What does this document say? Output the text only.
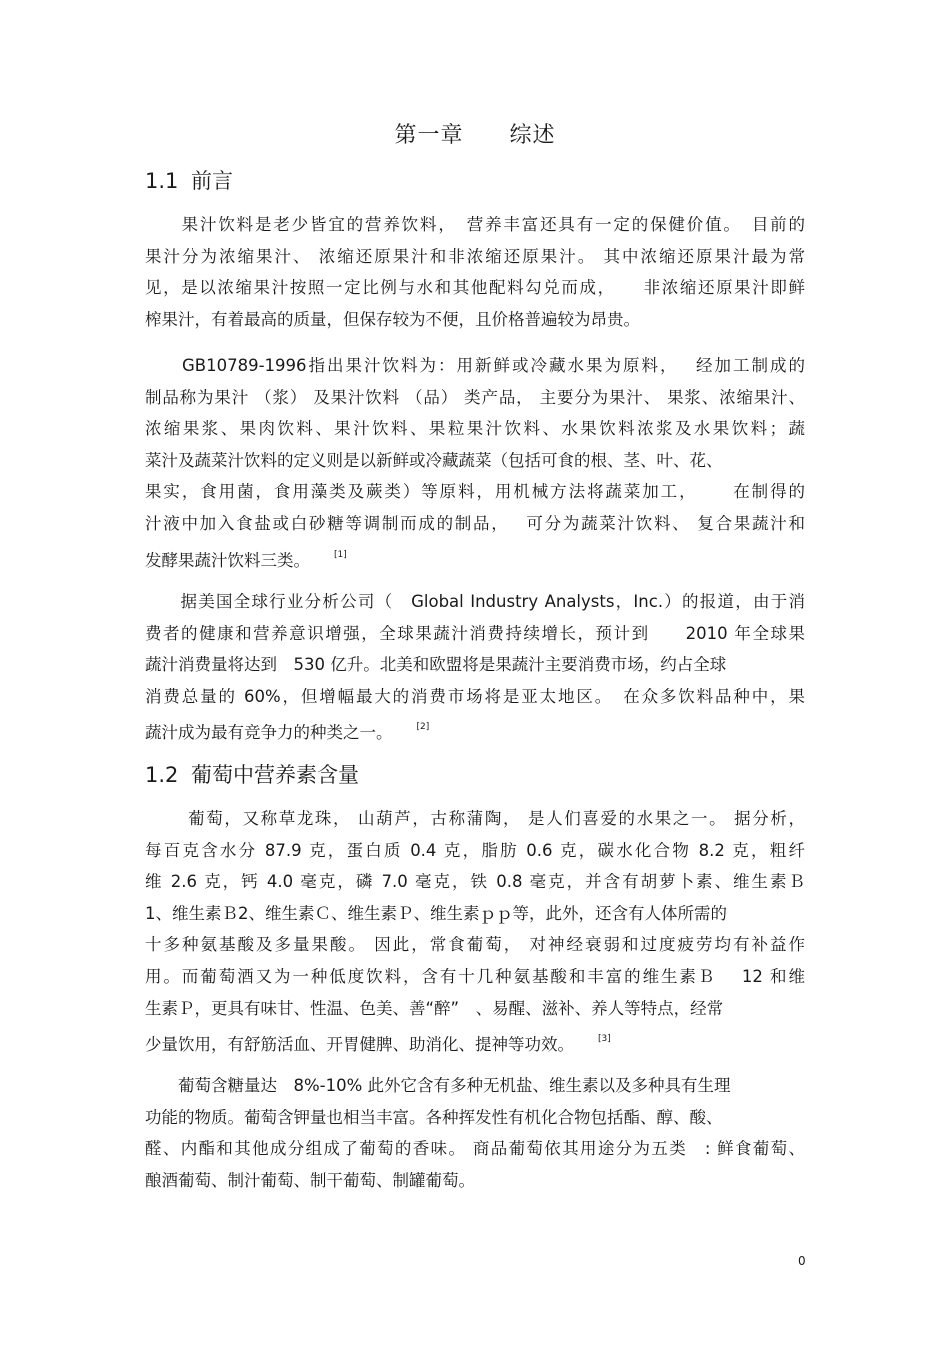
第一章 综述
1.1 前言
　　果汁饮料是老少皆宜的营养饮料，　营养丰富还具有一定的保健价值。　目前的
果汁分为浓缩果汁、 浓缩还原果汁和非浓缩还原果汁。 其中浓缩还原果汁最为常
见，是以浓缩果汁按照一定比例与水和其他配料勾兑而成，　　非浓缩还原果汁即鲜
榨果汁，有着最高的质量，但保存较为不便，且价格普遍较为昂贵。
　　GB10789-1996指出果汁饮料为：用新鲜或冷藏水果为原料，　 经加工制成的
制品称为果汁 （浆） 及果汁饮料 （品） 类产品， 主要分为果汁、 果浆、浓缩果汁、
浓缩果浆、果肉饮料、果汁饮料、果粒果汁饮料、水果饮料浓浆及水果饮料；蔬
菜汁及蔬菜汁饮料的定义则是以新鲜或冷藏蔬菜（包括可食的根、茎、叶、花、
果实，食用菌，食用藻类及蕨类）等原料，用机械方法将蔬菜加工，　　 在制得的
汁液中加入食盐或白砂糖等调制而成的制品，　 可分为蔬菜汁饮料、 复合果蔬汁和
发酵果蔬汁饮料三类。	[1]
　　据美国全球行业分析公司（　Global Industry Analysts，Inc.）的报道，由于消
费者的健康和营养意识增强，全球果蔬汁消费持续增长，预计到　　2010 年全球果
蔬汁消费量将达到　530 亿升。北美和欧盟将是果蔬汁主要消费市场，约占全球
消费总量的 60%，但增幅最大的消费市场将是亚太地区。　在众多饮料品种中，果
蔬汁成为最有竞争力的种类之一。	[2]
1.2 葡萄中营养素含量
　　 葡萄，又称草龙珠， 山葫芦，古称蒲陶， 是人们喜爱的水果之一。 据分析，
每百克含水分 87.9 克，蛋白质 0.4 克，脂肪 0.6 克，碳水化合物 8.2 克，粗纤
维 2.6 克，钙 4.0 毫克，磷 7.0 毫克，铁 0.8 毫克，并含有胡萝卜素、维生素Ｂ
1、维生素Ｂ2、维生素Ｃ、维生素Ｐ、维生素ｐｐ等，此外，还含有人体所需的
十多种氨基酸及多量果酸。 因此，常食葡萄， 对神经衰弱和过度疲劳均有补益作
用。而葡萄酒又为一种低度饮料，含有十几种氨基酸和丰富的维生素Ｂ　 12 和维
生素Ｐ，更具有味甘、性温、色美、善“醉”　、易醒、滋补、养人等特点，经常
少量饮用，有舒筋活血、开胃健脾、助消化、提神等功效。	[3]
　　葡萄含糖量达　8%-10% 此外它含有多种无机盐、维生素以及多种具有生理
功能的物质。葡萄含钾量也相当丰富。各种挥发性有机化合物包括酯、醇、酸、
醛、内酯和其他成分组成了葡萄的香味。 商品葡萄依其用途分为五类　: 鲜食葡萄、
酿酒葡萄、制汁葡萄、制干葡萄、制罐葡萄。
0
